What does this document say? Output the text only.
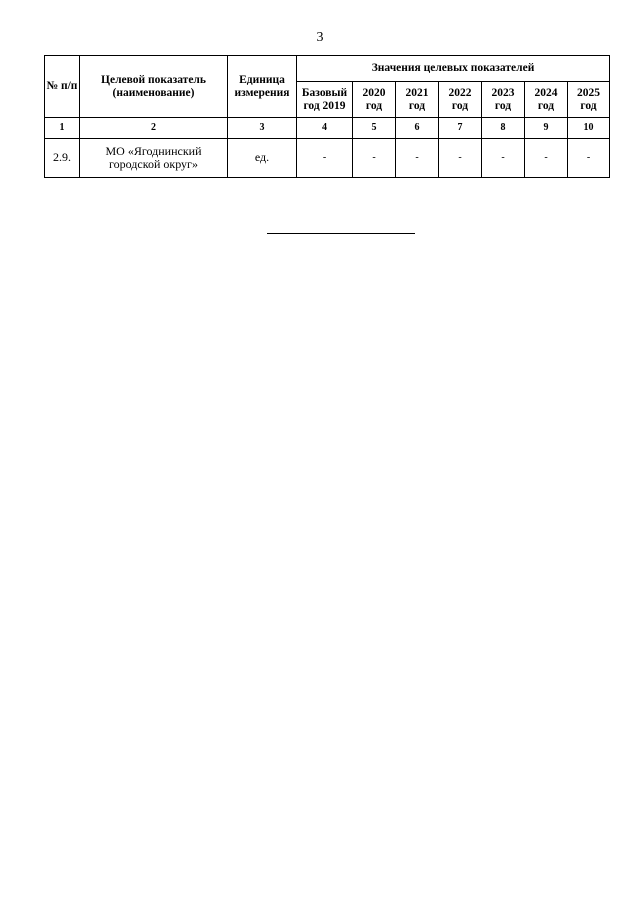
3
№ п/п	Целевой показатель (наименование)	Единица измерения	Значения целевых показателей						
			Базовый год 2019	2020 год	2021 год	2022 год	2023 год	2024 год	2025 год
1	2	3	4	5	6	7	8	9	10
2.9.	МО «Ягоднинский городской округ»	ед.	-	-	-	-	-	-	-
